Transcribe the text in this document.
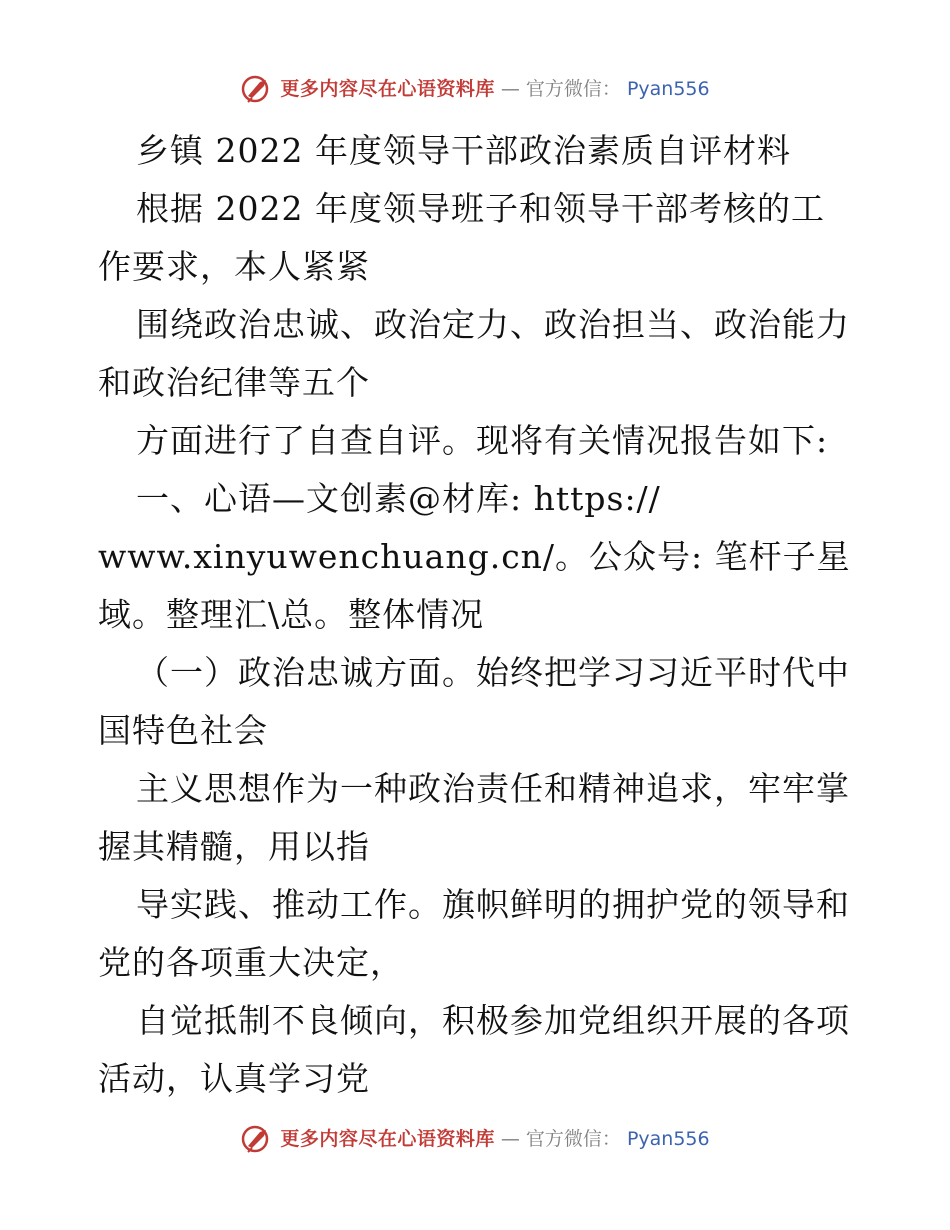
更多内容尽在心语资料库 — 官方微信： Pyan556

乡镇 2022 年度领导干部政治素质自评材料

根据 2022 年度领导班子和领导干部考核的工作要求，本人紧紧

围绕政治忠诚、政治定力、政治担当、政治能力和政治纪律等五个

方面进行了自查自评。现将有关情况报告如下:

一、心语—文创素@材库: https://
www.xinyuwenchuang.cn/。公众号: 笔杆子星域。整理汇\总。整体情况

（一）政治忠诚方面。始终把学习习近平时代中国特色社会

主义思想作为一种政治责任和精神追求，牢牢掌握其精髓，用以指

导实践、推动工作。旗帜鲜明的拥护党的领导和党的各项重大决定，

自觉抵制不良倾向，积极参加党组织开展的各项活动，认真学习党

更多内容尽在心语资料库 — 官方微信： Pyan556
